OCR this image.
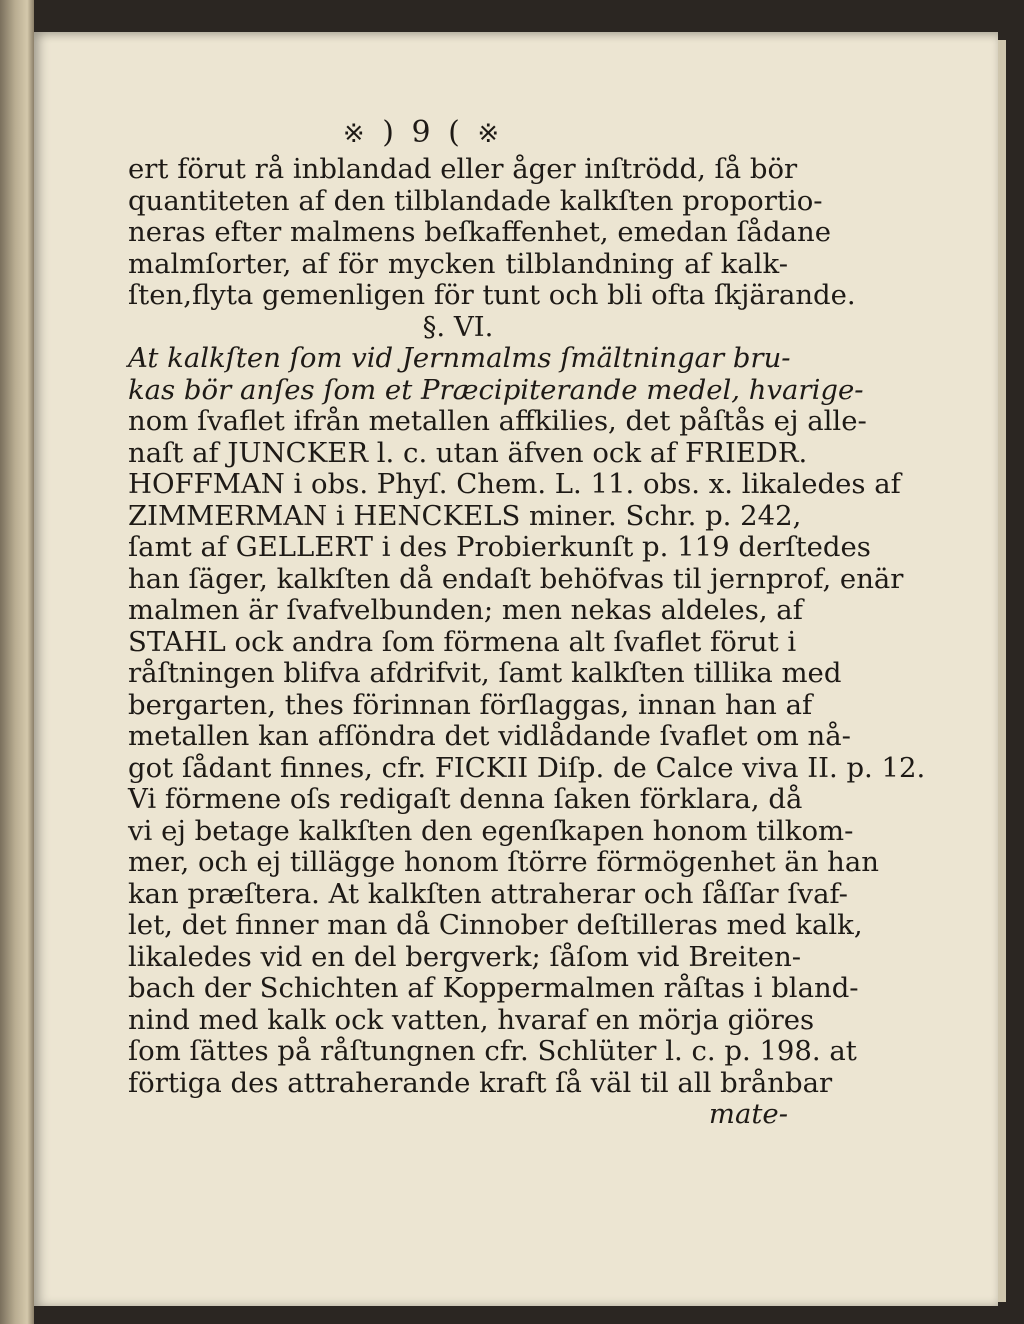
※ ) 9 ( ※
ert förut rå inblandad eller åger inſtrödd, ſå bör
quantiteten af den tilblandade kalkſten proportio-
neras efter malmens beſkaffenhet, emedan ſådane
malmſorter, af för mycken tilblandning af kalk-
ſten,flyta gemenligen för tunt och bli ofta ſkjärande.
§. VI.
At kalkſten ſom vid Jernmalms ſmältningar bru-
kas bör anſes ſom et Præcipiterande medel, hvarige-
nom ſvaflet ifrån metallen affkilies, det påſtås ej alle-
naſt af JUNCKER l. c. utan äfven ock af FRIEDR.
HOFFMAN i obs. Phyſ. Chem. L. 11. obs. x. likaledes af
ZIMMERMAN i HENCKELS miner. Schr. p. 242,
ſamt af GELLERT i des Probierkunſt p. 119 derſtedes
han ſäger, kalkſten då endaſt behöfvas til jernprof, enär
malmen är ſvafvelbunden; men nekas aldeles, af
STAHL ock andra ſom förmena alt ſvaflet förut i
råſtningen blifva afdrifvit, ſamt kalkſten tillika med
bergarten, thes förinnan förſlaggas, innan han af
metallen kan afſöndra det vidlådande ſvaflet om nå-
got ſådant finnes, cfr. FICKII Diſp. de Calce viva II. p. 12.
Vi förmene oſs redigaſt denna ſaken förklara, då
vi ej betage kalkſten den egenſkapen honom tilkom-
mer, och ej tillägge honom ſtörre förmögenhet än han
kan præſtera. At kalkſten attraherar och ſåſſar ſvaf-
let, det finner man då Cinnober deſtilleras med kalk,
likaledes vid en del bergverk; ſåſom vid Breiten-
bach der Schichten af Koppermalmen råſtas i bland-
nind med kalk ock vatten, hvaraf en mörja giöres
ſom ſättes på råſtungnen cfr. Schlüter l. c. p. 198. at
förtiga des attraherande kraft ſå väl til all brånbar
mate-
